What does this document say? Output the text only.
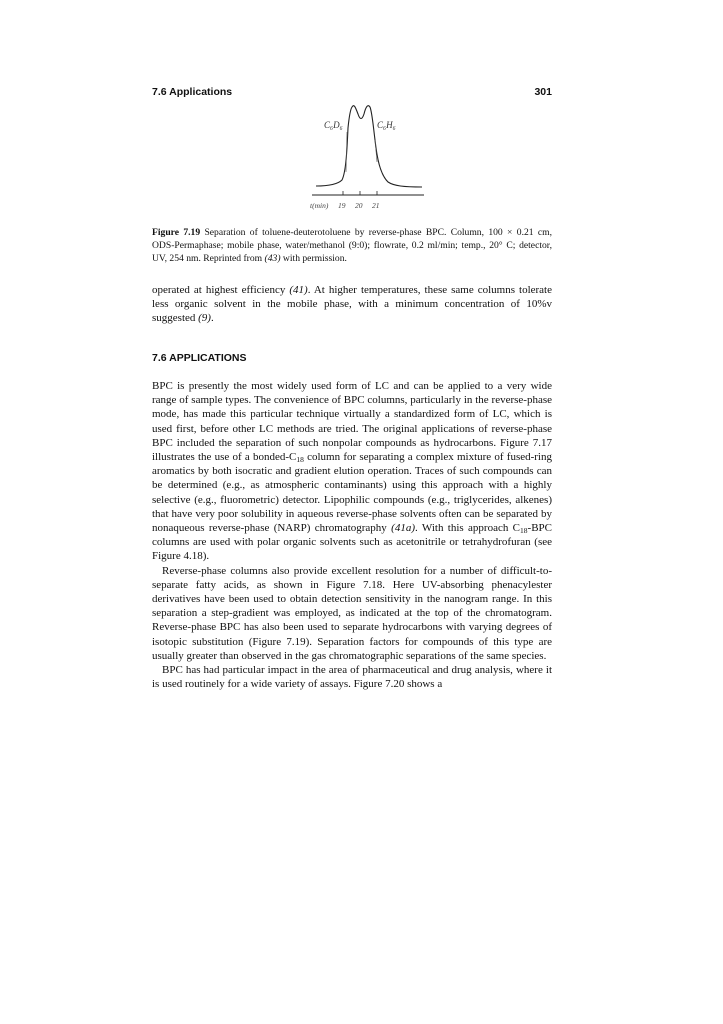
7.6 Applications	301
C₆D₆	C₆H₆
t(min) 19 20 21
Figure 7.19 Separation of toluene-deuterotoluene by reverse-phase BPC. Column, 100 × 0.21 cm, ODS-Permaphase; mobile phase, water/methanol (9:0); flowrate, 0.2 ml/min; temp., 20° C; detector, UV, 254 nm. Reprinted from (43) with permission.

operated at highest efficiency (41). At higher temperatures, these same columns tolerate less organic solvent in the mobile phase, with a minimum concentration of 10%v suggested (9).

7.6 APPLICATIONS

BPC is presently the most widely used form of LC and can be applied to a very wide range of sample types. The convenience of BPC columns, particularly in the reverse-phase mode, has made this particular technique virtually a standardized form of LC, which is used first, before other LC methods are tried. The original applications of reverse-phase BPC included the separation of such nonpolar compounds as hydrocarbons. Figure 7.17 illustrates the use of a bonded-$C_{18}$ column for separating a complex mixture of fused-ring aromatics by both isocratic and gradient elution operation. Traces of such compounds can be determined (e.g., as atmospheric contaminants) using this approach with a highly selective (e.g., fluorometric) detector. Lipophilic compounds (e.g., triglycerides, alkenes) that have very poor solubility in aqueous reverse-phase solvents often can be separated by nonaqueous reverse-phase (NARP) chromatography (41a). With this approach $C_{18}$-BPC columns are used with polar organic solvents such as acetonitrile or tetrahydrofuran (see Figure 4.18).

Reverse-phase columns also provide excellent resolution for a number of difficult-to-separate fatty acids, as shown in Figure 7.18. Here UV-absorbing phenacylester derivatives have been used to obtain detection sensitivity in the nanogram range. In this separation a step-gradient was employed, as indicated at the top of the chromatogram. Reverse-phase BPC has also been used to separate hydrocarbons with varying degrees of isotopic substitution (Figure 7.19). Separation factors for compounds of this type are usually greater than observed in the gas chromatographic separations of the same species.

BPC has had particular impact in the area of pharmaceutical and drug analysis, where it is used routinely for a wide variety of assays. Figure 7.20 shows a
